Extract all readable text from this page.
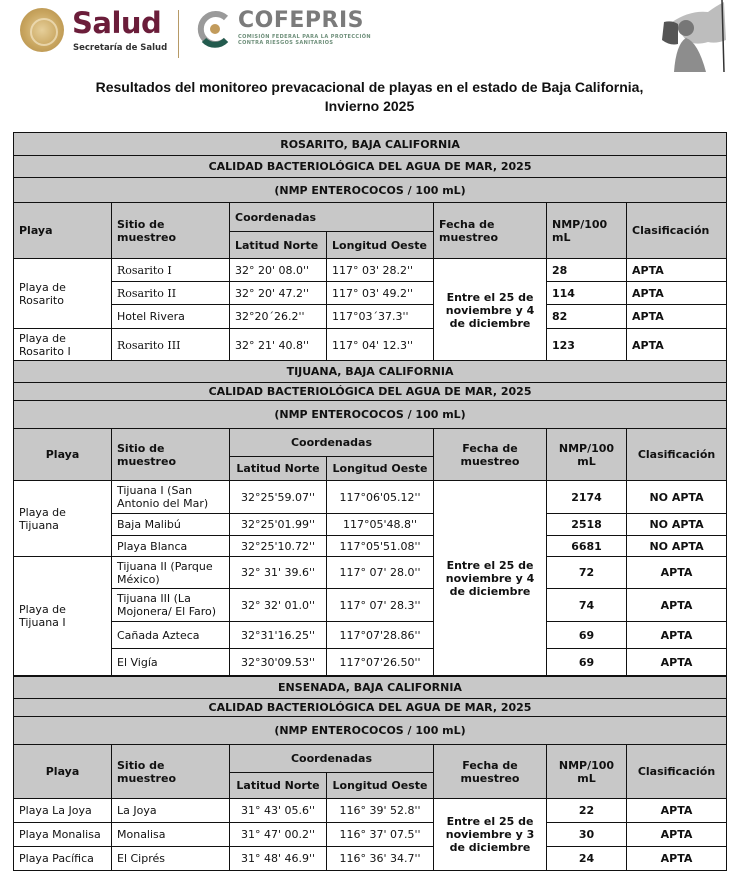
Salud
Secretaría de Salud
COFEPRIS
COMISIÓN FEDERAL PARA LA PROTECCIÓN
CONTRA RIESGOS SANITARIOS
Resultados del monitoreo prevacacional de playas en el estado de Baja California,
Invierno 2025
ROSARITO, BAJA CALIFORNIA						
CALIDAD BACTERIOLÓGICA DEL AGUA DE MAR, 2025						
(NMP ENTEROCOCOS / 100 mL)						
Playa	Sitio de muestreo	Coordenadas		Fecha de muestreo	NMP/100 mL	Clasificación
		Latitud Norte	Longitud Oeste			
Playa de Rosarito	Rosarito I	32° 20' 08.0''	117° 03' 28.2''	Entre el 25 de noviembre y 4 de diciembre	28	APTA
	Rosarito II	32° 20' 47.2''	117° 03' 49.2''		114	APTA
	Hotel Rivera	32°20´26.2''	117°03´37.3''		82	APTA
Playa de Rosarito I	Rosarito III	32° 21' 40.8''	117° 04' 12.3''		123	APTA
TIJUANA, BAJA CALIFORNIA						
CALIDAD BACTERIOLÓGICA DEL AGUA DE MAR, 2025						
(NMP ENTEROCOCOS / 100 mL)						
Playa	Sitio de muestreo	Coordenadas		Fecha de muestreo	NMP/100 mL	Clasificación
		Latitud Norte	Longitud Oeste			
Playa de Tijuana	Tijuana I (San Antonio del Mar)	32°25'59.07''	117°06'05.12''	Entre el 25 de noviembre y 4 de diciembre	2174	NO APTA
	Baja Malibú	32°25'01.99''	117°05'48.8''		2518	NO APTA
	Playa Blanca	32°25'10.72''	117°05'51.08''		6681	NO APTA
Playa de Tijuana I	Tijuana II (Parque México)	32° 31' 39.6''	117° 07' 28.0''		72	APTA
	Tijuana III (La Mojonera/ El Faro)	32° 32' 01.0''	117° 07' 28.3''		74	APTA
	Cañada Azteca	32°31'16.25''	117°07'28.86''		69	APTA
	El Vigía	32°30'09.53''	117°07'26.50''		69	APTA
ENSENADA, BAJA CALIFORNIA						
CALIDAD BACTERIOLÓGICA DEL AGUA DE MAR, 2025						
(NMP ENTEROCOCOS / 100 mL)						
Playa	Sitio de muestreo	Coordenadas		Fecha de muestreo	NMP/100 mL	Clasificación
		Latitud Norte	Longitud Oeste			
Playa La Joya	La Joya	31° 43' 05.6''	116° 39' 52.8''	Entre el 25 de noviembre y 3 de diciembre	22	APTA
Playa Monalisa	Monalisa	31° 47' 00.2''	116° 37' 07.5''		30	APTA
Playa Pacífica	El Ciprés	31° 48' 46.9''	116° 36' 34.7''		24	APTA
